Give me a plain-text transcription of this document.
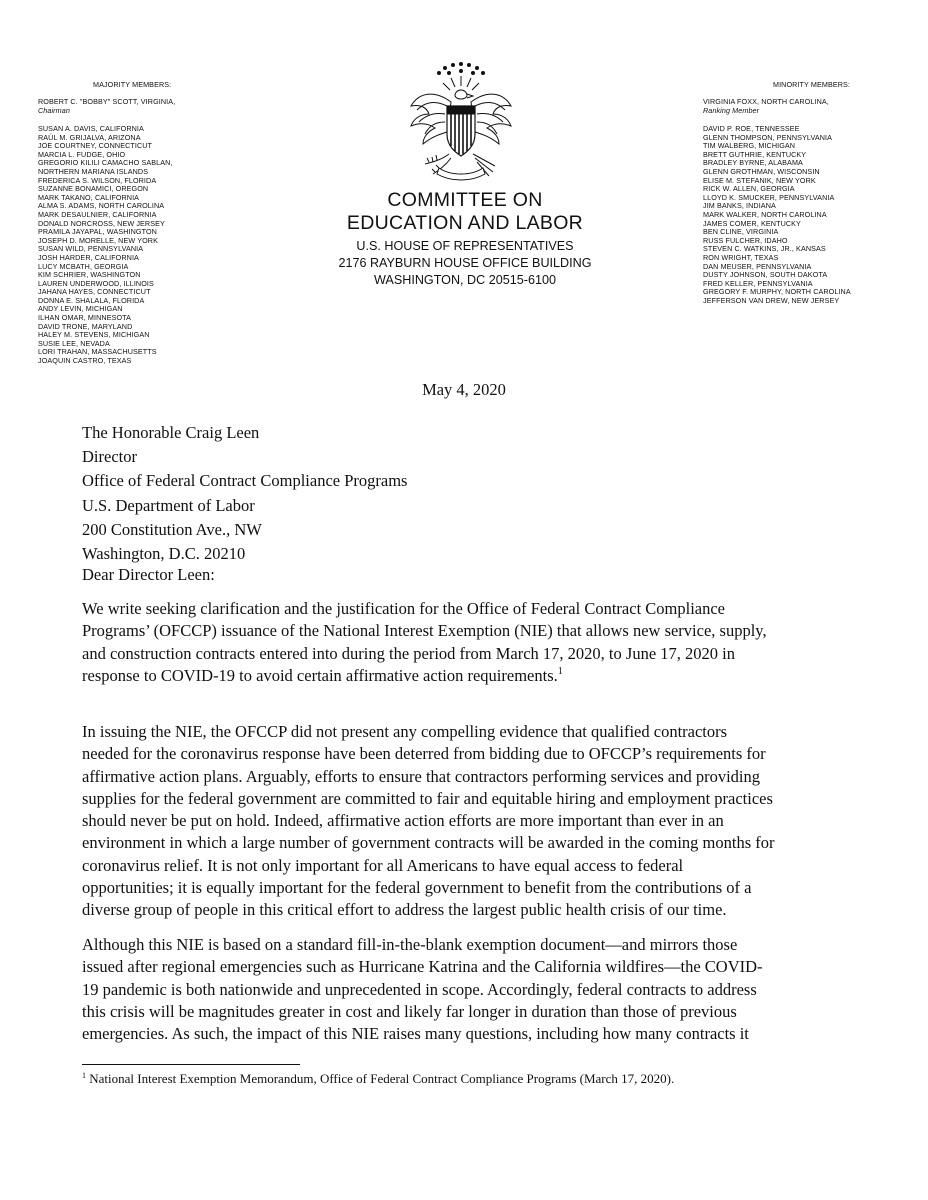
MAJORITY MEMBERS:
ROBERT C. "BOBBY" SCOTT, VIRGINIA,
Chairman
SUSAN A. DAVIS, CALIFORNIA
RAÚL M. GRIJALVA, ARIZONA
JOE COURTNEY, CONNECTICUT
MARCIA L. FUDGE, OHIO
GREGORIO KILILI CAMACHO SABLAN,
NORTHERN MARIANA ISLANDS
FREDERICA S. WILSON, FLORIDA
SUZANNE BONAMICI, OREGON
MARK TAKANO, CALIFORNIA
ALMA S. ADAMS, NORTH CAROLINA
MARK DESAULNIER, CALIFORNIA
DONALD NORCROSS, NEW JERSEY
PRAMILA JAYAPAL, WASHINGTON
JOSEPH D. MORELLE, NEW YORK
SUSAN WILD, PENNSYLVANIA
JOSH HARDER, CALIFORNIA
LUCY MCBATH, GEORGIA
KIM SCHRIER, WASHINGTON
LAUREN UNDERWOOD, ILLINOIS
JAHANA HAYES, CONNECTICUT
DONNA E. SHALALA, FLORIDA
ANDY LEVIN, MICHIGAN
ILHAN OMAR, MINNESOTA
DAVID TRONE, MARYLAND
HALEY M. STEVENS, MICHIGAN
SUSIE LEE, NEVADA
LORI TRAHAN, MASSACHUSETTS
JOAQUIN CASTRO, TEXAS
COMMITTEE ON
EDUCATION AND LABOR
U.S. HOUSE OF REPRESENTATIVES
2176 RAYBURN HOUSE OFFICE BUILDING
WASHINGTON, DC 20515-6100
MINORITY MEMBERS:
VIRGINIA FOXX, NORTH CAROLINA,
Ranking Member
DAVID P. ROE, TENNESSEE
GLENN THOMPSON, PENNSYLVANIA
TIM WALBERG, MICHIGAN
BRETT GUTHRIE, KENTUCKY
BRADLEY BYRNE, ALABAMA
GLENN GROTHMAN, WISCONSIN
ELISE M. STEFANIK, NEW YORK
RICK W. ALLEN, GEORGIA
LLOYD K. SMUCKER, PENNSYLVANIA
JIM BANKS, INDIANA
MARK WALKER, NORTH CAROLINA
JAMES COMER, KENTUCKY
BEN CLINE, VIRGINIA
RUSS FULCHER, IDAHO
STEVEN C. WATKINS, JR., KANSAS
RON WRIGHT, TEXAS
DAN MEUSER, PENNSYLVANIA
DUSTY JOHNSON, SOUTH DAKOTA
FRED KELLER, PENNSYLVANIA
GREGORY F. MURPHY, NORTH CAROLINA
JEFFERSON VAN DREW, NEW JERSEY
May 4, 2020
The Honorable Craig Leen
Director
Office of Federal Contract Compliance Programs
U.S. Department of Labor
200 Constitution Ave., NW
Washington, D.C. 20210
Dear Director Leen:

We write seeking clarification and the justification for the Office of Federal Contract Compliance
Programs’ (OFCCP) issuance of the National Interest Exemption (NIE) that allows new service, supply,
and construction contracts entered into during the period from March 17, 2020, to June 17, 2020 in
response to COVID-19 to avoid certain affirmative action requirements.$^1$

In issuing the NIE, the OFCCP did not present any compelling evidence that qualified contractors
needed for the coronavirus response have been deterred from bidding due to OFCCP’s requirements for
affirmative action plans. Arguably, efforts to ensure that contractors performing services and providing
supplies for the federal government are committed to fair and equitable hiring and employment practices
should never be put on hold. Indeed, affirmative action efforts are more important than ever in an
environment in which a large number of government contracts will be awarded in the coming months for
coronavirus relief. It is not only important for all Americans to have equal access to federal
opportunities; it is equally important for the federal government to benefit from the contributions of a
diverse group of people in this critical effort to address the largest public health crisis of our time.

Although this NIE is based on a standard fill-in-the-blank exemption document—and mirrors those
issued after regional emergencies such as Hurricane Katrina and the California wildfires—the COVID-
19 pandemic is both nationwide and unprecedented in scope. Accordingly, federal contracts to address
this crisis will be magnitudes greater in cost and likely far longer in duration than those of previous
emergencies. As such, the impact of this NIE raises many questions, including how many contracts it

$^1$ National Interest Exemption Memorandum, Office of Federal Contract Compliance Programs (March 17, 2020).
